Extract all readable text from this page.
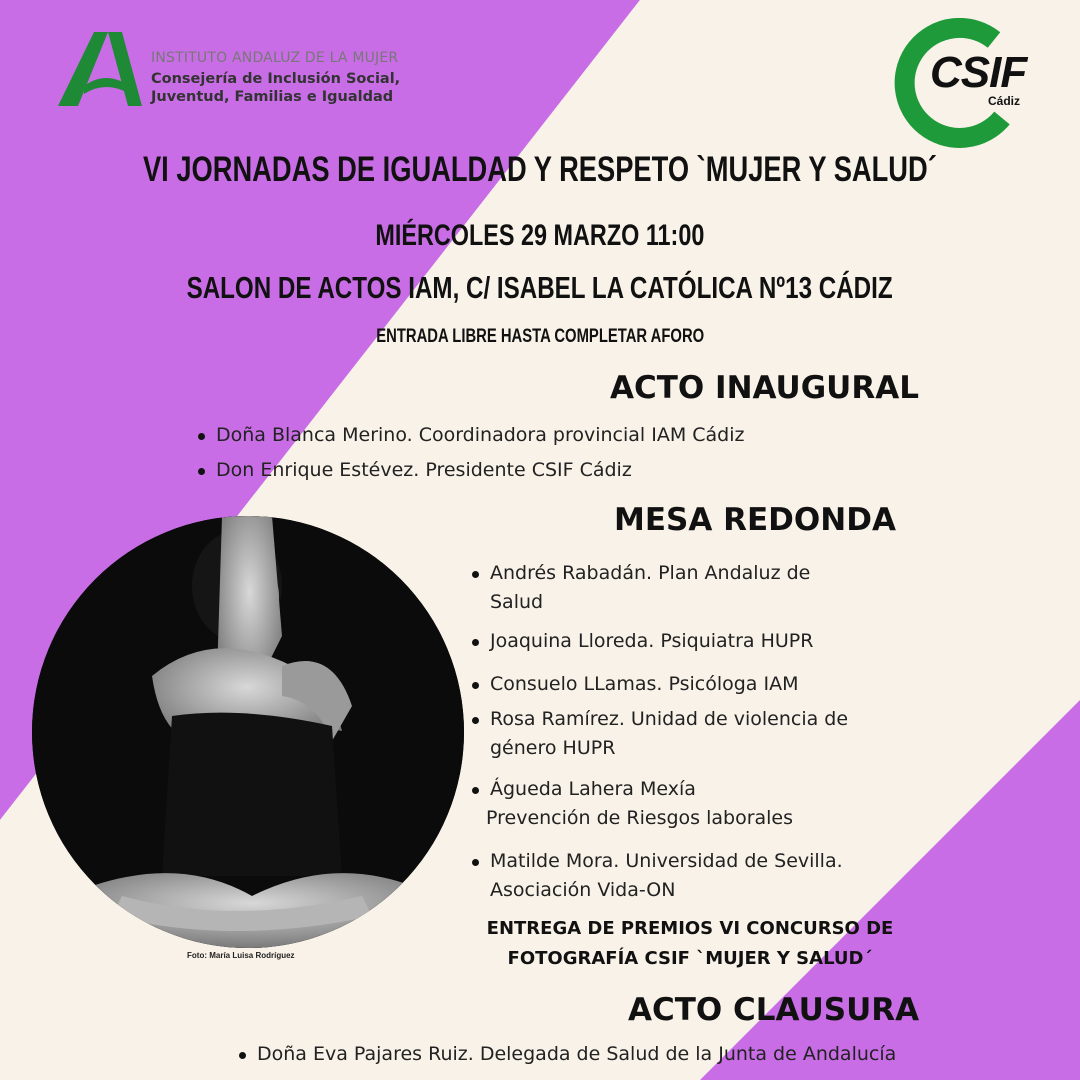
INSTITUTO ANDALUZ DE LA MUJER
Consejería de Inclusión Social,
Juventud, Familias e Igualdad	CSIF
Cádiz
VI JORNADAS DE IGUALDAD Y RESPETO `MUJER Y SALUD´
MIÉRCOLES 29 MARZO 11:00
SALON DE ACTOS IAM, C/ ISABEL LA CATÓLICA Nº13 CÁDIZ
ENTRADA LIBRE HASTA COMPLETAR AFORO
ACTO INAUGURAL
Doña Blanca Merino. Coordinadora provincial IAM Cádiz
Don Enrique Estévez. Presidente CSIF Cádiz
MESA REDONDA
Foto: María Luisa Rodríguez
Andrés Rabadán. Plan Andaluz de
Salud
Joaquina Lloreda. Psiquiatra HUPR
Consuelo LLamas. Psicóloga IAM
Rosa Ramírez. Unidad de violencia de
género HUPR
Águeda Lahera Mexía
Prevención de Riesgos laborales
Matilde Mora. Universidad de Sevilla.
Asociación Vida-ON
ENTREGA DE PREMIOS VI CONCURSO DE
FOTOGRAFÍA CSIF `MUJER Y SALUD´
ACTO CLAUSURA
Doña Eva Pajares Ruiz. Delegada de Salud de la Junta de Andalucía
